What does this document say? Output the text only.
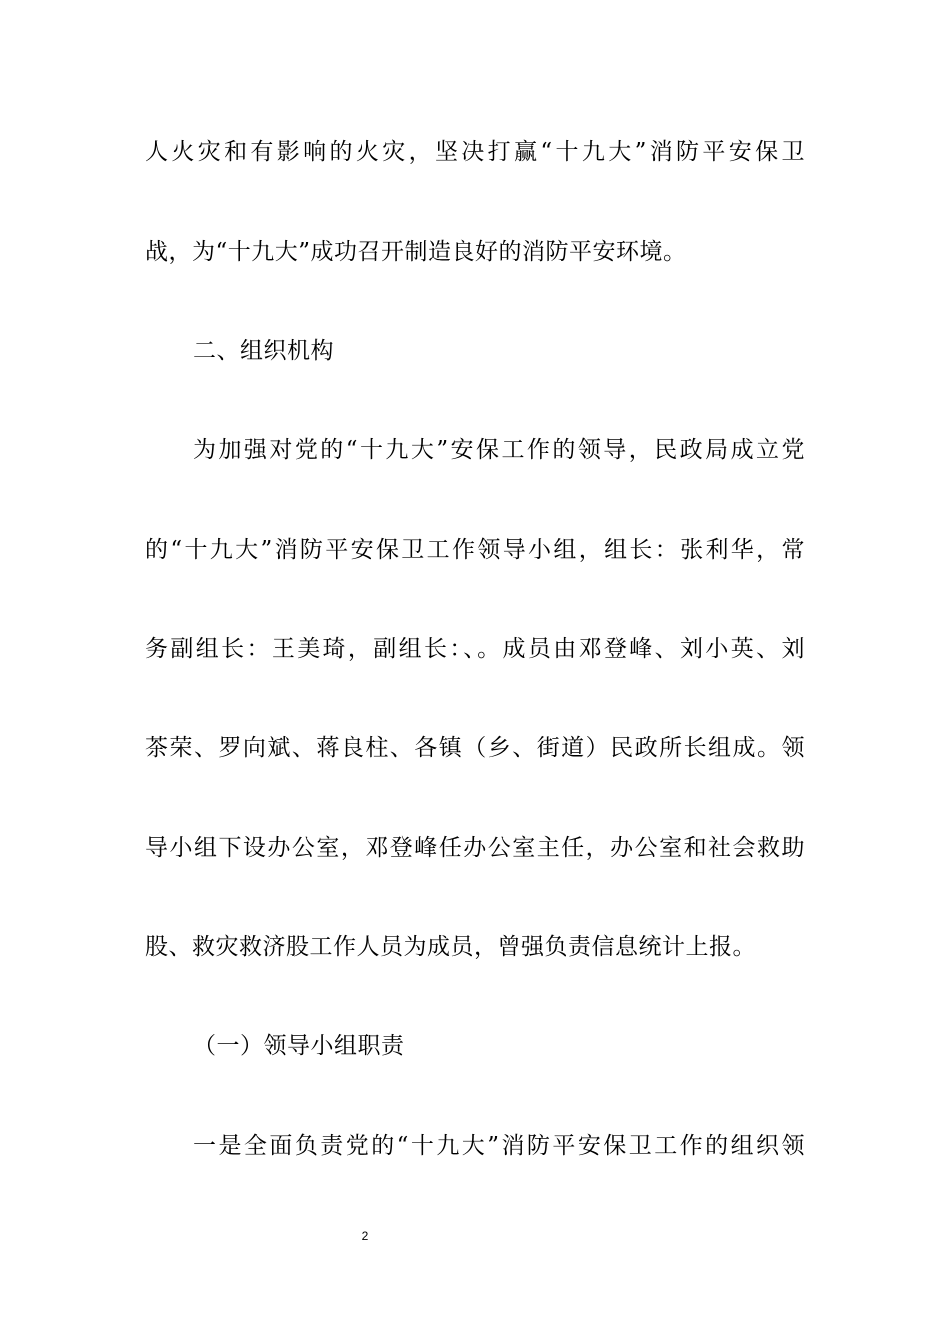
人火灾和有影响的火灾，坚决打赢“十九大”消防平安保卫
战，为“十九大”成功召开制造良好的消防平安环境。
二、组织机构
为加强对党的“十九大”安保工作的领导，民政局成立党
的“十九大”消防平安保卫工作领导小组，组长：张利华，常
务副组长：王美琦，副组长：、。成员由邓登峰、刘小英、刘
茶荣、罗向斌、蒋良柱、各镇（乡、街道）民政所长组成。领
导小组下设办公室，邓登峰任办公室主任，办公室和社会救助
股、救灾救济股工作人员为成员，曾强负责信息统计上报。
（一）领导小组职责
一是全面负责党的“十九大”消防平安保卫工作的组织领
2
